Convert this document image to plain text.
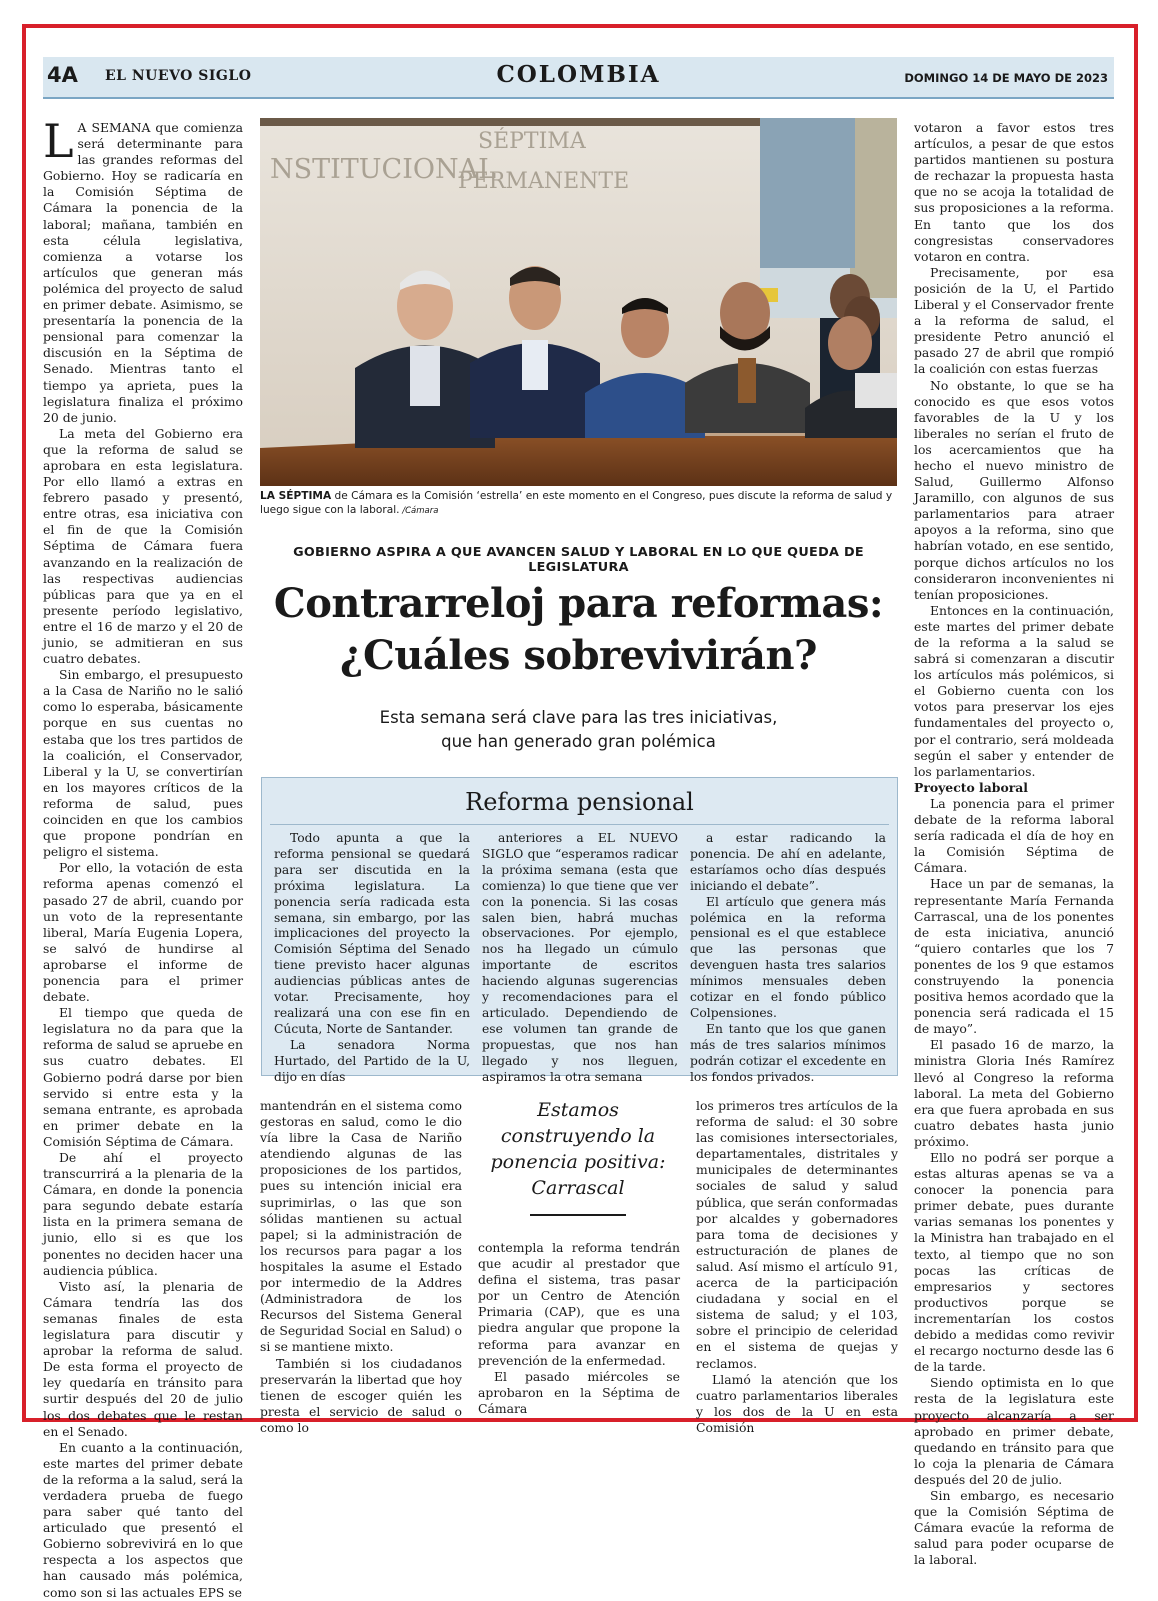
4A EL NUEVO SIGLO	COLOMBIA	DOMINGO 14 DE MAYO DE 2023
L A SEMANA que comienza será determinante para las grandes reformas del Gobierno. Hoy se radicaría en la Comisión Séptima de Cámara la ponencia de la laboral; mañana, también en esta célula legislativa, comienza a votarse los artículos que generan más polémica del proyecto de salud en primer debate. Asimismo, se presentaría la ponencia de la pensional para comenzar la discusión en la Séptima de Senado. Mientras tanto el tiempo ya aprieta, pues la legislatura finaliza el próximo 20 de junio.

La meta del Gobierno era que la reforma de salud se aprobara en esta legislatura. Por ello llamó a extras en febrero pasado y presentó, entre otras, esa iniciativa con el fin de que la Comisión Séptima de Cámara fuera avanzando en la realización de las respectivas audiencias públicas para que ya en el presente período legislativo, entre el 16 de marzo y el 20 de junio, se admitieran en sus cuatro debates.

Sin embargo, el presupuesto a la Casa de Nariño no le salió como lo esperaba, básicamente porque en sus cuentas no estaba que los tres partidos de la coalición, el Conservador, Liberal y la U, se convertirían en los mayores críticos de la reforma de salud, pues coinciden en que los cambios que propone pondrían en peligro el sistema.

Por ello, la votación de esta reforma apenas comenzó el pasado 27 de abril, cuando por un voto de la representante liberal, María Eugenia Lopera, se salvó de hundirse al aprobarse el informe de ponencia para el primer debate.

El tiempo que queda de legislatura no da para que la reforma de salud se apruebe en sus cuatro debates. El Gobierno podrá darse por bien servido si entre esta y la semana entrante, es aprobada en primer debate en la Comisión Séptima de Cámara.

De ahí el proyecto transcurrirá a la plenaria de la Cámara, en donde la ponencia para segundo debate estaría lista en la primera semana de junio, ello si es que los ponentes no deciden hacer una audiencia pública.

Visto así, la plenaria de Cámara tendría las dos semanas finales de esta legislatura para discutir y aprobar la reforma de salud. De esta forma el proyecto de ley quedaría en tránsito para surtir después del 20 de julio los dos debates que le restan en el Senado.

En cuanto a la continuación, este martes del primer debate de la reforma a la salud, será la verdadera prueba de fuego para saber qué tanto del articulado que presentó el Gobierno sobrevivirá en lo que respecta a los aspectos que han causado más polémica, como son si las actuales EPS se

NSTITUCIONAL
SÉPTIMA
PERMANENTE
LA SÉPTIMA de Cámara es la Comisión ‘estrella’ en este momento en el Congreso, pues discute la reforma de salud y luego sigue con la laboral. /Cámara
GOBIERNO ASPIRA A QUE AVANCEN SALUD Y LABORAL EN LO QUE QUEDA DE LEGISLATURA
Contrarreloj para reformas:
¿Cuáles sobrevivirán?
Esta semana será clave para las tres iniciativas,
que han generado gran polémica
Reforma pensional

Todo apunta a que la reforma pensional se quedará para ser discutida en la próxima legislatura. La ponencia sería radicada esta semana, sin embargo, por las implicaciones del proyecto la Comisión Séptima del Senado tiene previsto hacer algunas audiencias públicas antes de votar. Precisamente, hoy realizará una con ese fin en Cúcuta, Norte de Santander.

La senadora Norma Hurtado, del Partido de la U, dijo en días

anteriores a EL NUEVO SIGLO que “esperamos radicar la próxima semana (esta que comienza) lo que tiene que ver con la ponencia. Si las cosas salen bien, habrá muchas observaciones. Por ejemplo, nos ha llegado un cúmulo importante de escritos haciendo algunas sugerencias y recomendaciones para el articulado. Dependiendo de ese volumen tan grande de propuestas, que nos han llegado y nos lleguen, aspiramos la otra semana

a estar radicando la ponencia. De ahí en adelante, estaríamos ocho días después iniciando el debate”.

El artículo que genera más polémica en la reforma pensional es el que establece que las personas que devenguen hasta tres salarios mínimos mensuales deben cotizar en el fondo público Colpensiones.

En tanto que los que ganen más de tres salarios mínimos podrán cotizar el excedente en los fondos privados.

mantendrán en el sistema como gestoras en salud, como le dio vía libre la Casa de Nariño atendiendo algunas de las proposiciones de los partidos, pues su intención inicial era suprimirlas, o las que son sólidas mantienen su actual papel; si la administración de los recursos para pagar a los hospitales la asume el Estado por intermedio de la Addres (Administradora de los Recursos del Sistema General de Seguridad Social en Salud) o si se mantiene mixto.

También si los ciudadanos preservarán la libertad que hoy tienen de escoger quién les presta el servicio de salud o como lo

Estamos construyendo la ponencia positiva: Carrascal

contempla la reforma tendrán que acudir al prestador que defina el sistema, tras pasar por un Centro de Atención Primaria (CAP), que es una piedra angular que propone la reforma para avanzar en prevención de la enfermedad.

El pasado miércoles se aprobaron en la Séptima de Cámara

los primeros tres artículos de la reforma de salud: el 30 sobre las comisiones intersectoriales, departamentales, distritales y municipales de determinantes sociales de salud y salud pública, que serán conformadas por alcaldes y gobernadores para toma de decisiones y estructuración de planes de salud. Así mismo el artículo 91, acerca de la participación ciudadana y social en el sistema de salud; y el 103, sobre el principio de celeridad en el sistema de quejas y reclamos.

Llamó la atención que los cuatro parlamentarios liberales y los dos de la U en esta Comisión

votaron a favor estos tres artículos, a pesar de que estos partidos mantienen su postura de rechazar la propuesta hasta que no se acoja la totalidad de sus proposiciones a la reforma. En tanto que los dos congresistas conservadores votaron en contra.

Precisamente, por esa posición de la U, el Partido Liberal y el Conservador frente a la reforma de salud, el presidente Petro anunció el pasado 27 de abril que rompió la coalición con estas fuerzas

No obstante, lo que se ha conocido es que esos votos favorables de la U y los liberales no serían el fruto de los acercamientos que ha hecho el nuevo ministro de Salud, Guillermo Alfonso Jaramillo, con algunos de sus parlamentarios para atraer apoyos a la reforma, sino que habrían votado, en ese sentido, porque dichos artículos no los consideraron inconvenientes ni tenían proposiciones.

Entonces en la continuación, este martes del primer debate de la reforma a la salud se sabrá si comenzaran a discutir los artículos más polémicos, si el Gobierno cuenta con los votos para preservar los ejes fundamentales del proyecto o, por el contrario, será moldeada según el saber y entender de los parlamentarios.

Proyecto laboral

La ponencia para el primer debate de la reforma laboral sería radicada el día de hoy en la Comisión Séptima de Cámara.

Hace un par de semanas, la representante María Fernanda Carrascal, una de los ponentes de esta iniciativa, anunció “quiero contarles que los 7 ponentes de los 9 que estamos construyendo la ponencia positiva hemos acordado que la ponencia será radicada el 15 de mayo”.

El pasado 16 de marzo, la ministra Gloria Inés Ramírez llevó al Congreso la reforma laboral. La meta del Gobierno era que fuera aprobada en sus cuatro debates hasta junio próximo.

Ello no podrá ser porque a estas alturas apenas se va a conocer la ponencia para primer debate, pues durante varias semanas los ponentes y la Ministra han trabajado en el texto, al tiempo que no son pocas las críticas de empresarios y sectores productivos porque se incrementarían los costos debido a medidas como revivir el recargo nocturno desde las 6 de la tarde.

Siendo optimista en lo que resta de la legislatura este proyecto alcanzaría a ser aprobado en primer debate, quedando en tránsito para que lo coja la plenaria de Cámara después del 20 de julio.

Sin embargo, es necesario que la Comisión Séptima de Cámara evacúe la reforma de salud para poder ocuparse de la laboral.
